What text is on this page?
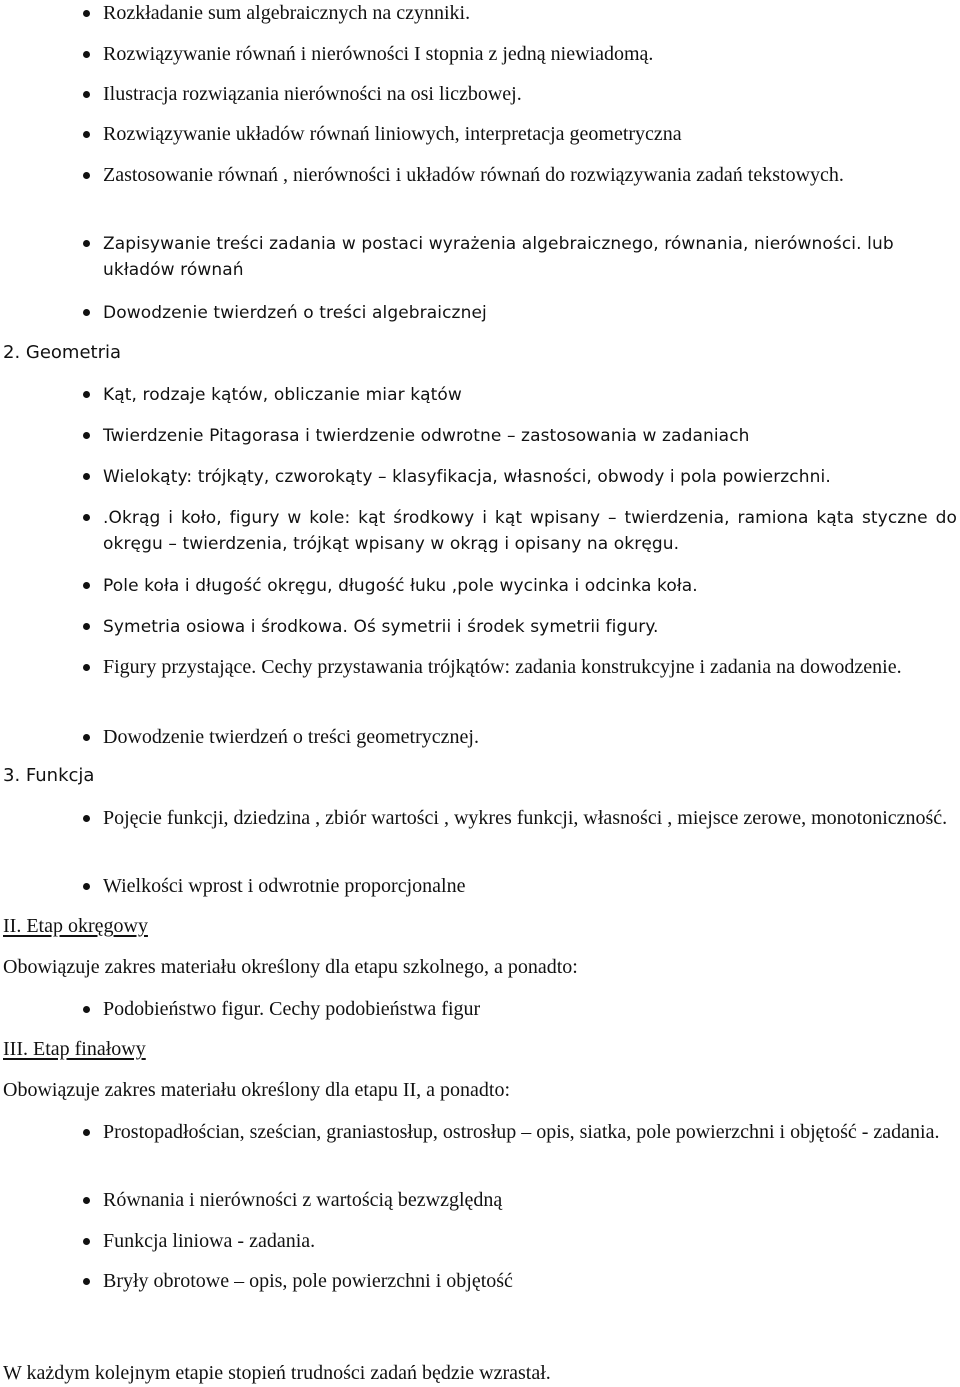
Rozkładanie sum algebraicznych na czynniki.
Rozwiązywanie równań i nierówności I stopnia z jedną niewiadomą.
Ilustracja rozwiązania nierówności na osi liczbowej.
Rozwiązywanie układów równań liniowych, interpretacja geometryczna
Zastosowanie równań , nierówności i układów równań do rozwiązywania zadań tekstowych.
Zapisywanie treści zadania w postaci wyrażenia algebraicznego, równania, nierówności. lub układów równań
Dowodzenie twierdzeń o treści algebraicznej
2. Geometria
Kąt, rodzaje kątów, obliczanie miar kątów
Twierdzenie Pitagorasa i twierdzenie odwrotne – zastosowania w zadaniach
Wielokąty: trójkąty, czworokąty – klasyfikacja, własności, obwody i pola powierzchni.
.Okrąg i koło, figury w kole: kąt środkowy i kąt wpisany – twierdzenia, ramiona kąta styczne do okręgu – twierdzenia, trójkąt wpisany w okrąg i opisany na okręgu.
Pole koła i długość okręgu, długość łuku ,pole wycinka i odcinka koła.
Symetria osiowa i środkowa. Oś symetrii i środek symetrii figury.
Figury przystające. Cechy przystawania trójkątów: zadania konstrukcyjne i zadania na dowodzenie.
Dowodzenie twierdzeń o treści geometrycznej.
3. Funkcja
Pojęcie funkcji, dziedzina , zbiór wartości , wykres funkcji, własności , miejsce zerowe, monotoniczność.
Wielkości wprost i odwrotnie proporcjonalne
II. Etap okręgowy
Obowiązuje zakres materiału określony dla etapu szkolnego, a ponadto:
Podobieństwo figur. Cechy podobieństwa figur
III. Etap finałowy
Obowiązuje zakres materiału określony dla etapu II, a ponadto:
Prostopadłościan, sześcian, graniastosłup, ostrosłup – opis, siatka, pole powierzchni i objętość - zadania.
Równania i nierówności z wartością bezwzględną
Funkcja liniowa - zadania.
Bryły obrotowe – opis, pole powierzchni i objętość
W każdym kolejnym etapie stopień trudności zadań będzie wzrastał.
